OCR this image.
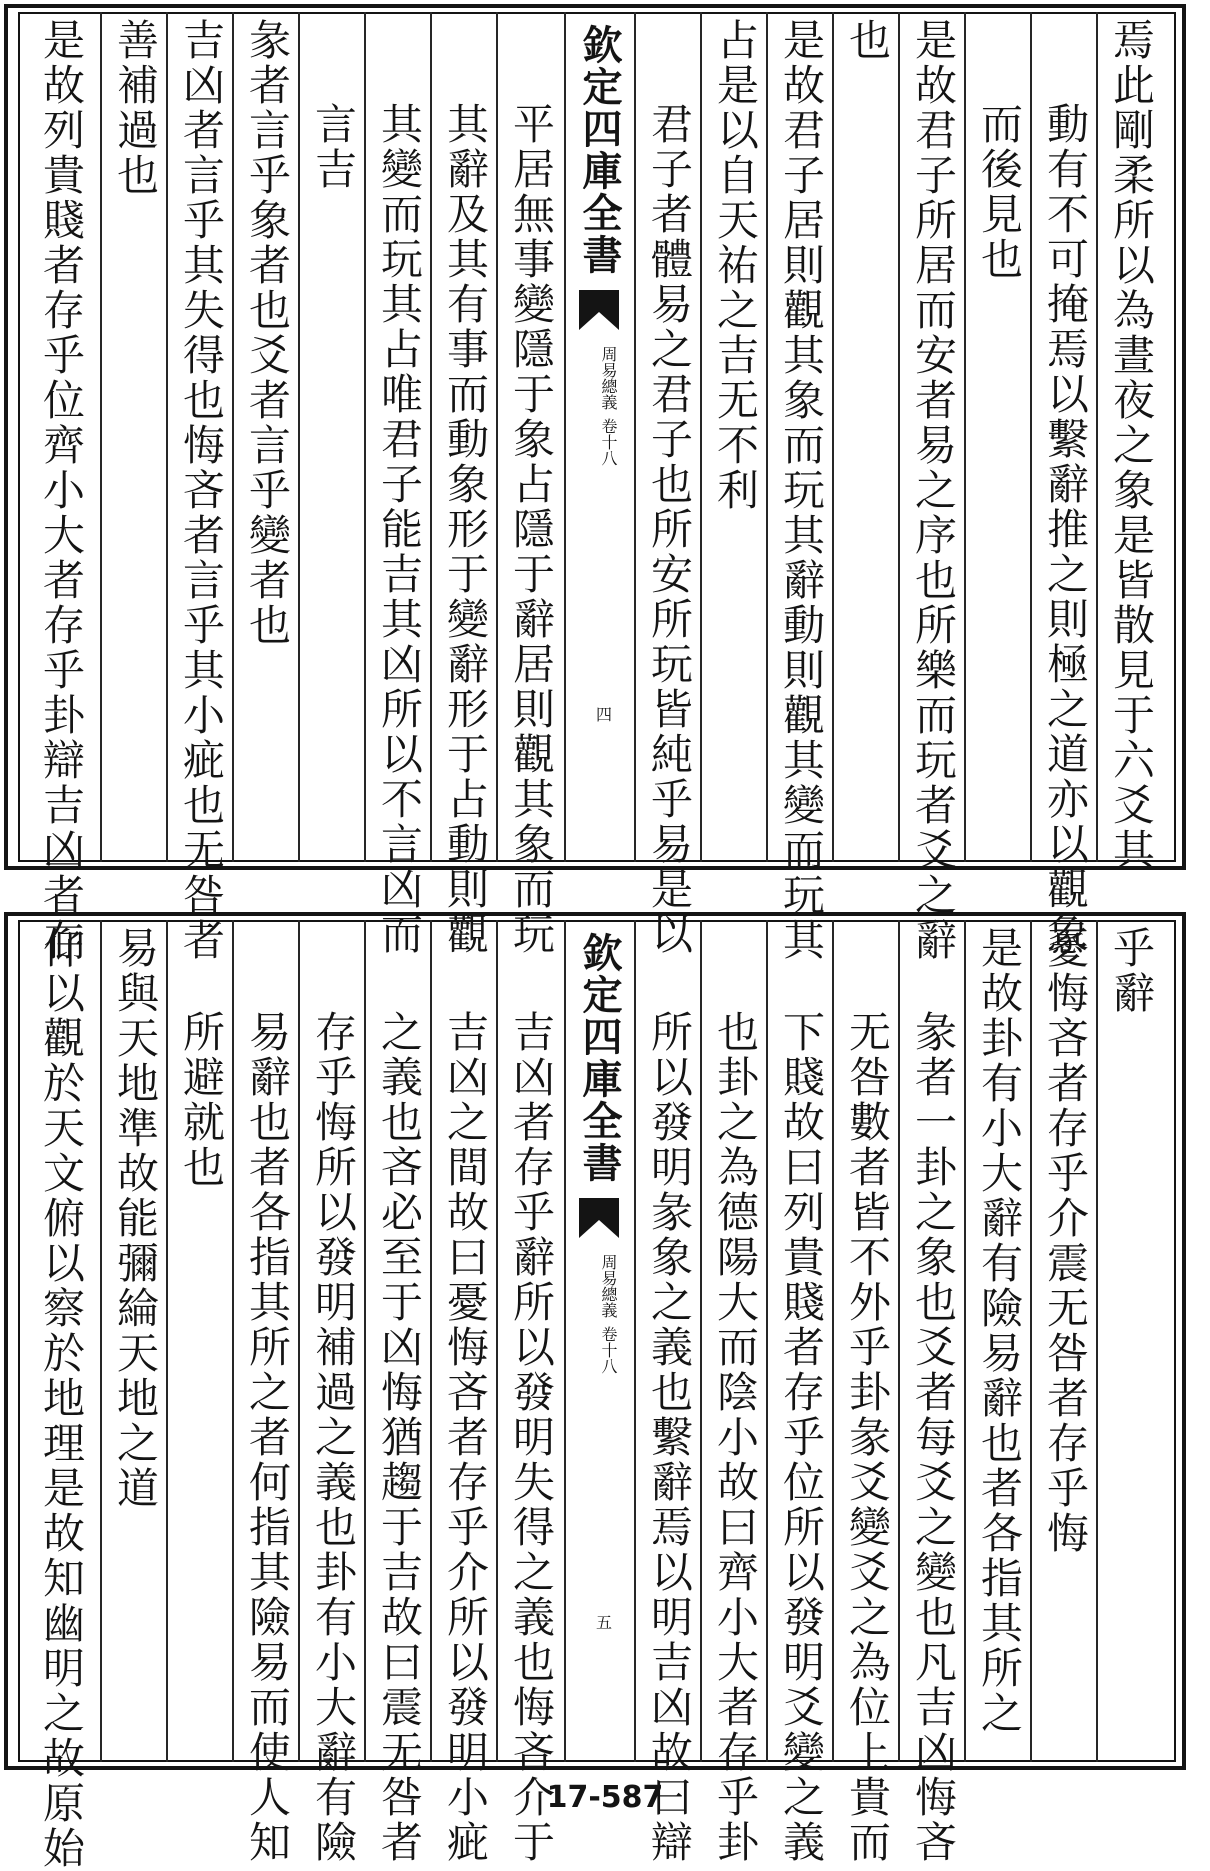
焉此剛柔所以為晝夜之象是皆散見于六爻其
動有不可掩焉以繫辭推之則極之道亦以觀象
而後見也
是故君子所居而安者易之序也所樂而玩者爻之辭
也
是故君子居則觀其象而玩其辭動則觀其變而玩其
占是以自天祐之吉无不利
君子者體易之君子也所安所玩皆純乎易是以
欽定四庫全書
周易總義
卷十八
四
平居無事變隱于象占隱于辭居則觀其象而玩
其辭及其有事而動象形于變辭形于占動則觀
其變而玩其占唯君子能吉其凶所以不言凶而
言吉
彖者言乎象者也爻者言乎變者也
吉凶者言乎其失得也悔吝者言乎其小疵也无咎者
善補過也
是故列貴賤者存乎位齊小大者存乎卦辯吉凶者存
乎辭
憂悔吝者存乎介震无咎者存乎悔
是故卦有小大辭有險易辭也者各指其所之
彖者一卦之象也爻者每爻之變也凡吉凶悔吝
无咎數者皆不外乎卦彖爻變爻之為位上貴而
下賤故曰列貴賤者存乎位所以發明爻變之義
也卦之為德陽大而陰小故曰齊小大者存乎卦
所以發明彖象之義也繫辭焉以明吉凶故曰辯
欽定四庫全書
周易總義
卷十八
五
吉凶者存乎辭所以發明失得之義也悔吝介于
吉凶之間故曰憂悔吝者存乎介所以發明小疵
之義也吝必至于凶悔猶趨于吉故曰震无咎者
存乎悔所以發明補過之義也卦有小大辭有險
易辭也者各指其所之者何指其險易而使人知
所避就也
易與天地準故能彌綸天地之道
仰以觀於天文俯以察於地理是故知幽明之故原始	17-587
